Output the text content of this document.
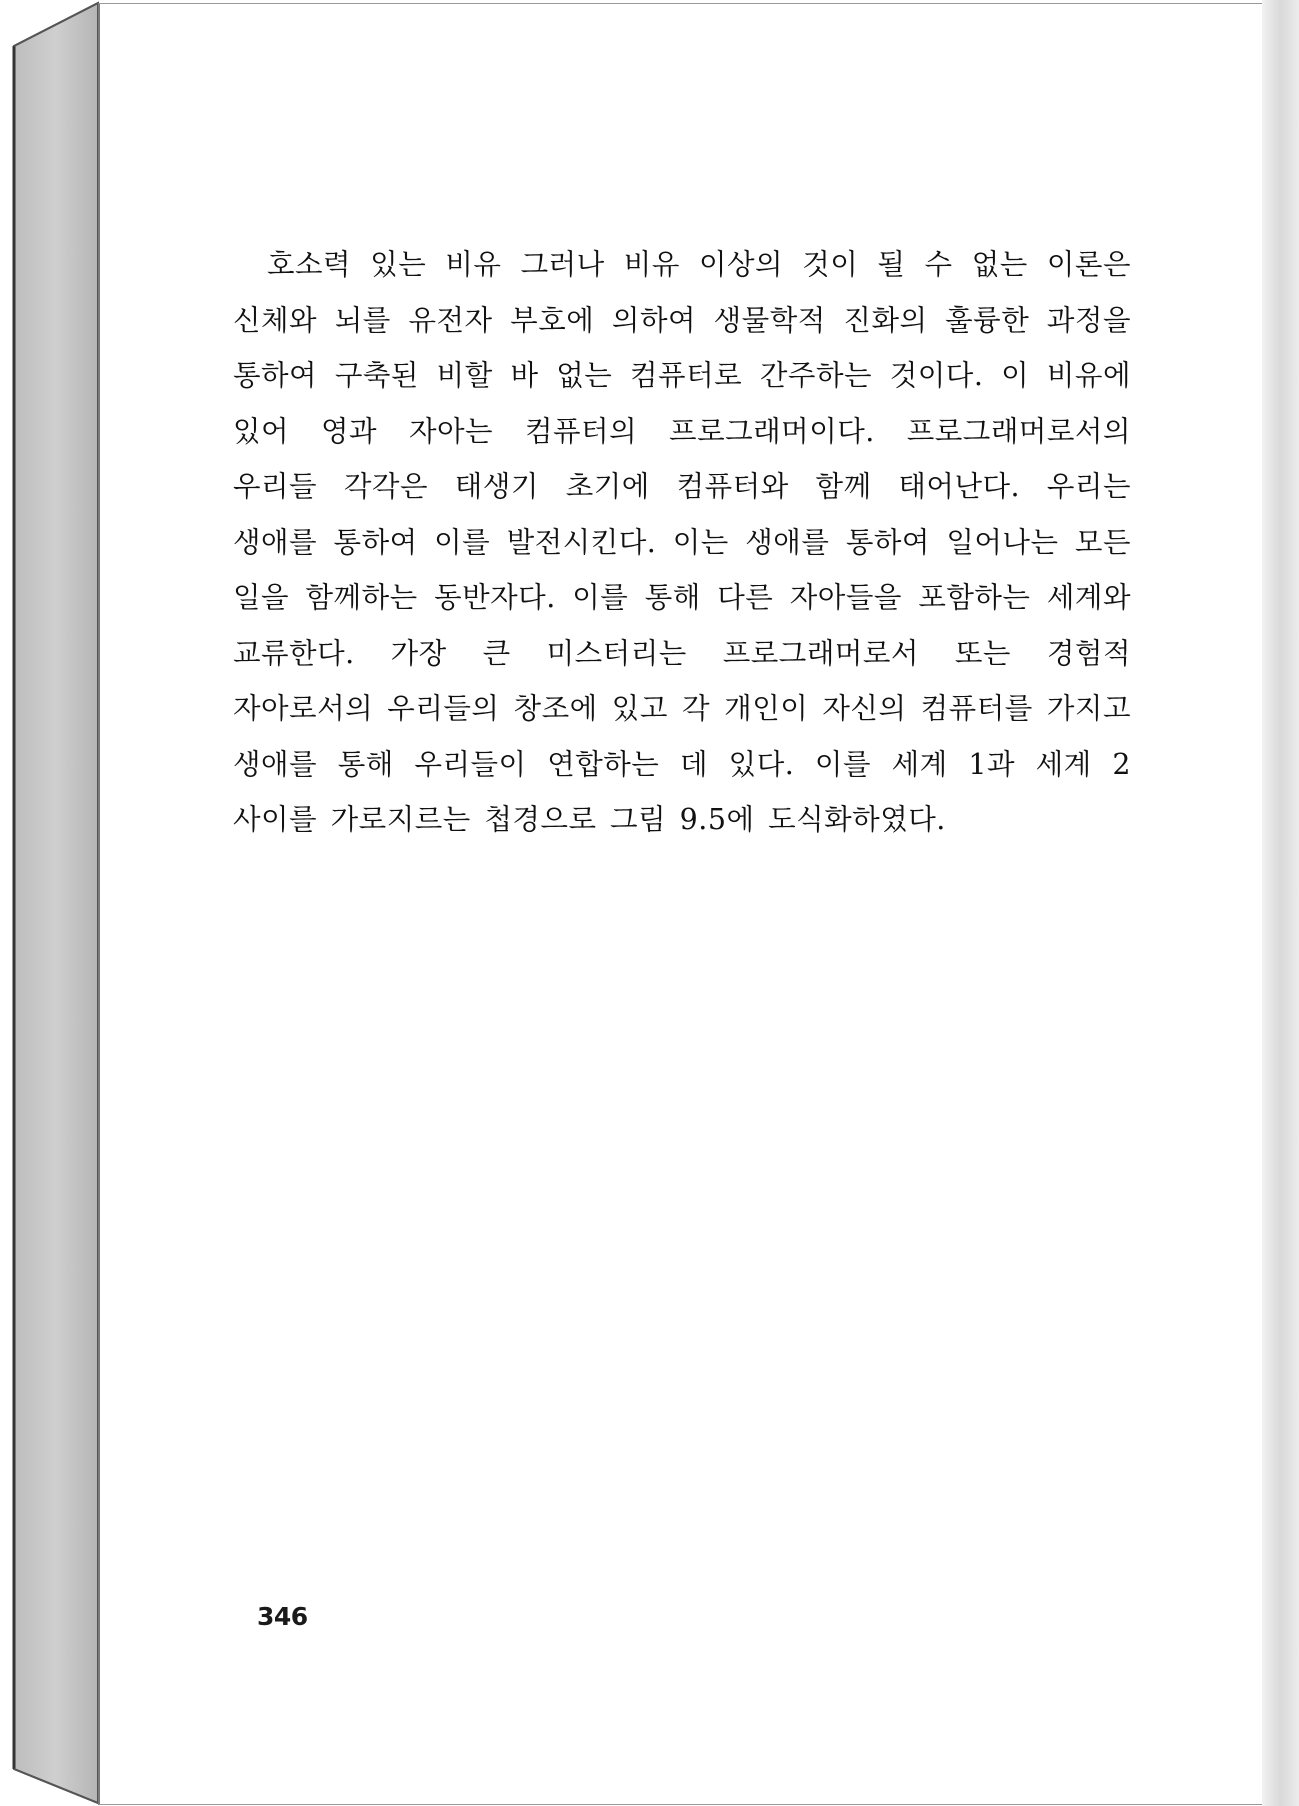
호소력 있는 비유 그러나 비유 이상의 것이 될 수 없는 이론은 신체와 뇌를 유전자 부호에 의하여 생물학적 진화의 훌륭한 과정을 통하여 구축된 비할 바 없는 컴퓨터로 간주하는 것이다. 이 비유에 있어 영과 자아는 컴퓨터의 프로그래머이다. 프로그래머로서의 우리들 각각은 태생기 초기에 컴퓨터와 함께 태어난다. 우리는 생애를 통하여 이를 발전시킨다. 이는 생애를 통하여 일어나는 모든 일을 함께하는 동반자다. 이를 통해 다른 자아들을 포함하는 세계와 교류한다. 가장 큰 미스터리는 프로그래머로서 또는 경험적 자아로서의 우리들의 창조에 있고 각 개인이 자신의 컴퓨터를 가지고 생애를 통해 우리들이 연합하는 데 있다. 이를 세계 1과 세계 2 사이를 가로지르는 첩경으로 그림 9.5에 도식화하였다.

346
